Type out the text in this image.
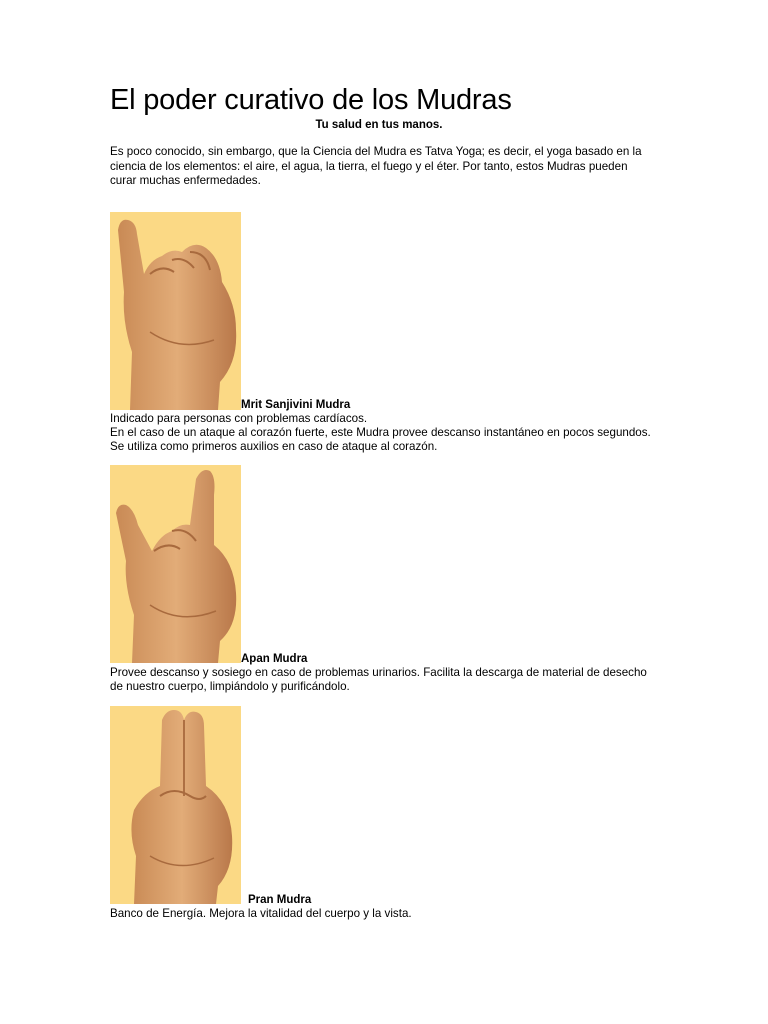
El poder curativo de los Mudras
Tu salud en tus manos.

Es poco conocido, sin embargo, que la Ciencia del Mudra es Tatva Yoga; es decir, el yoga basado en la ciencia de los elementos: el aire, el agua, la tierra, el fuego y el éter. Por tanto, estos Mudras pueden curar muchas enfermedades.

Mrit Sanjivini Mudra
Indicado para personas con problemas cardíacos.
En el caso de un ataque al corazón fuerte, este Mudra provee descanso instantáneo en pocos segundos. Se utiliza como primeros auxilios en caso de ataque al corazón.
Apan Mudra
Provee descanso y sosiego en caso de problemas urinarios. Facilita la descarga de material de desecho de nuestro cuerpo, limpiándolo y purificándolo.
Pran Mudra
Banco de Energía. Mejora la vitalidad del cuerpo y la vista.
